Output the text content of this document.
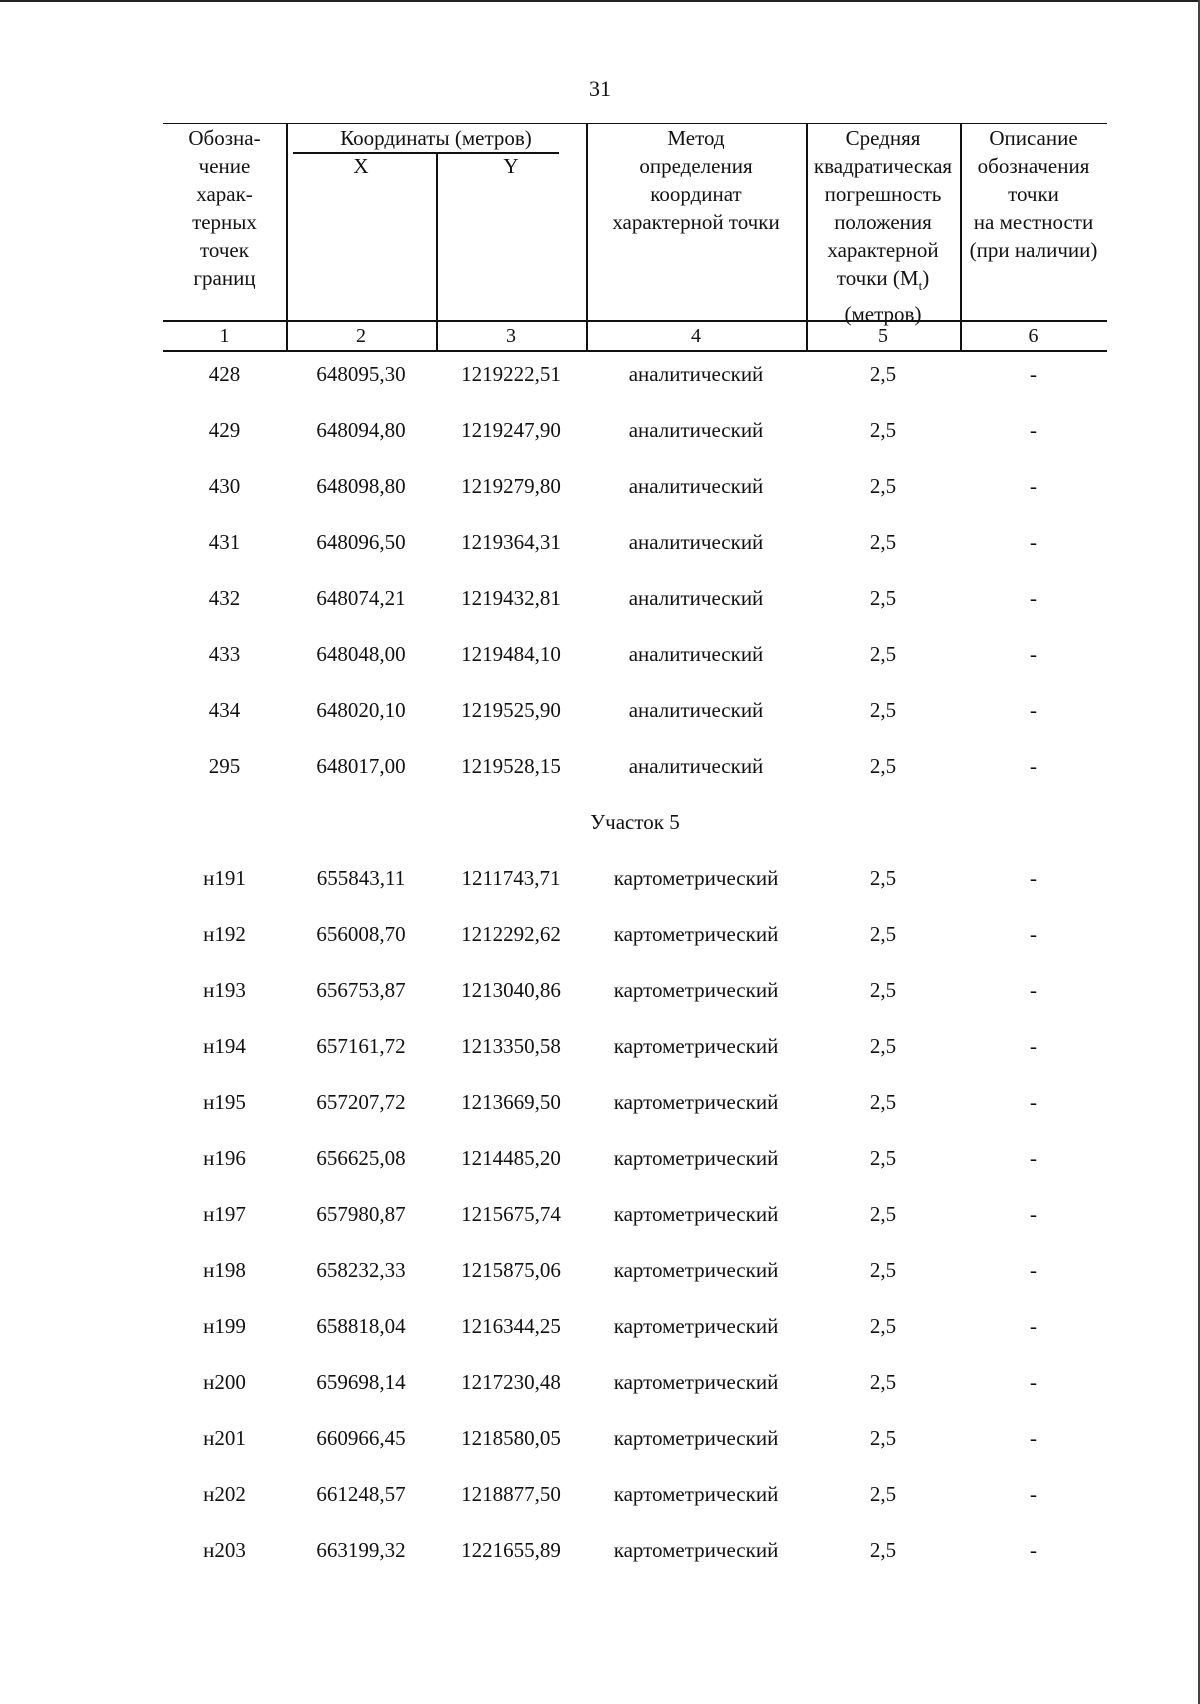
31
Обозна-
чение
харак-
терных
точек
границ
Координаты (метров)
X	Y
Метод
определения
координат
характерной точки
Средняя
квадратическая
погрешность
положения
характерной
точки $(M_t)$
(метров)
Описание
обозначения
точки
на местности
(при наличии)
1	2	3	4	5	6
428	648095,30	1219222,51	аналитический	2,5	-
429	648094,80	1219247,90	аналитический	2,5	-
430	648098,80	1219279,80	аналитический	2,5	-
431	648096,50	1219364,31	аналитический	2,5	-
432	648074,21	1219432,81	аналитический	2,5	-
433	648048,00	1219484,10	аналитический	2,5	-
434	648020,10	1219525,90	аналитический	2,5	-
295	648017,00	1219528,15	аналитический	2,5	-
Участок 5
н191	655843,11	1211743,71	картометрический	2,5	-
н192	656008,70	1212292,62	картометрический	2,5	-
н193	656753,87	1213040,86	картометрический	2,5	-
н194	657161,72	1213350,58	картометрический	2,5	-
н195	657207,72	1213669,50	картометрический	2,5	-
н196	656625,08	1214485,20	картометрический	2,5	-
н197	657980,87	1215675,74	картометрический	2,5	-
н198	658232,33	1215875,06	картометрический	2,5	-
н199	658818,04	1216344,25	картометрический	2,5	-
н200	659698,14	1217230,48	картометрический	2,5	-
н201	660966,45	1218580,05	картометрический	2,5	-
н202	661248,57	1218877,50	картометрический	2,5	-
н203	663199,32	1221655,89	картометрический	2,5	-
